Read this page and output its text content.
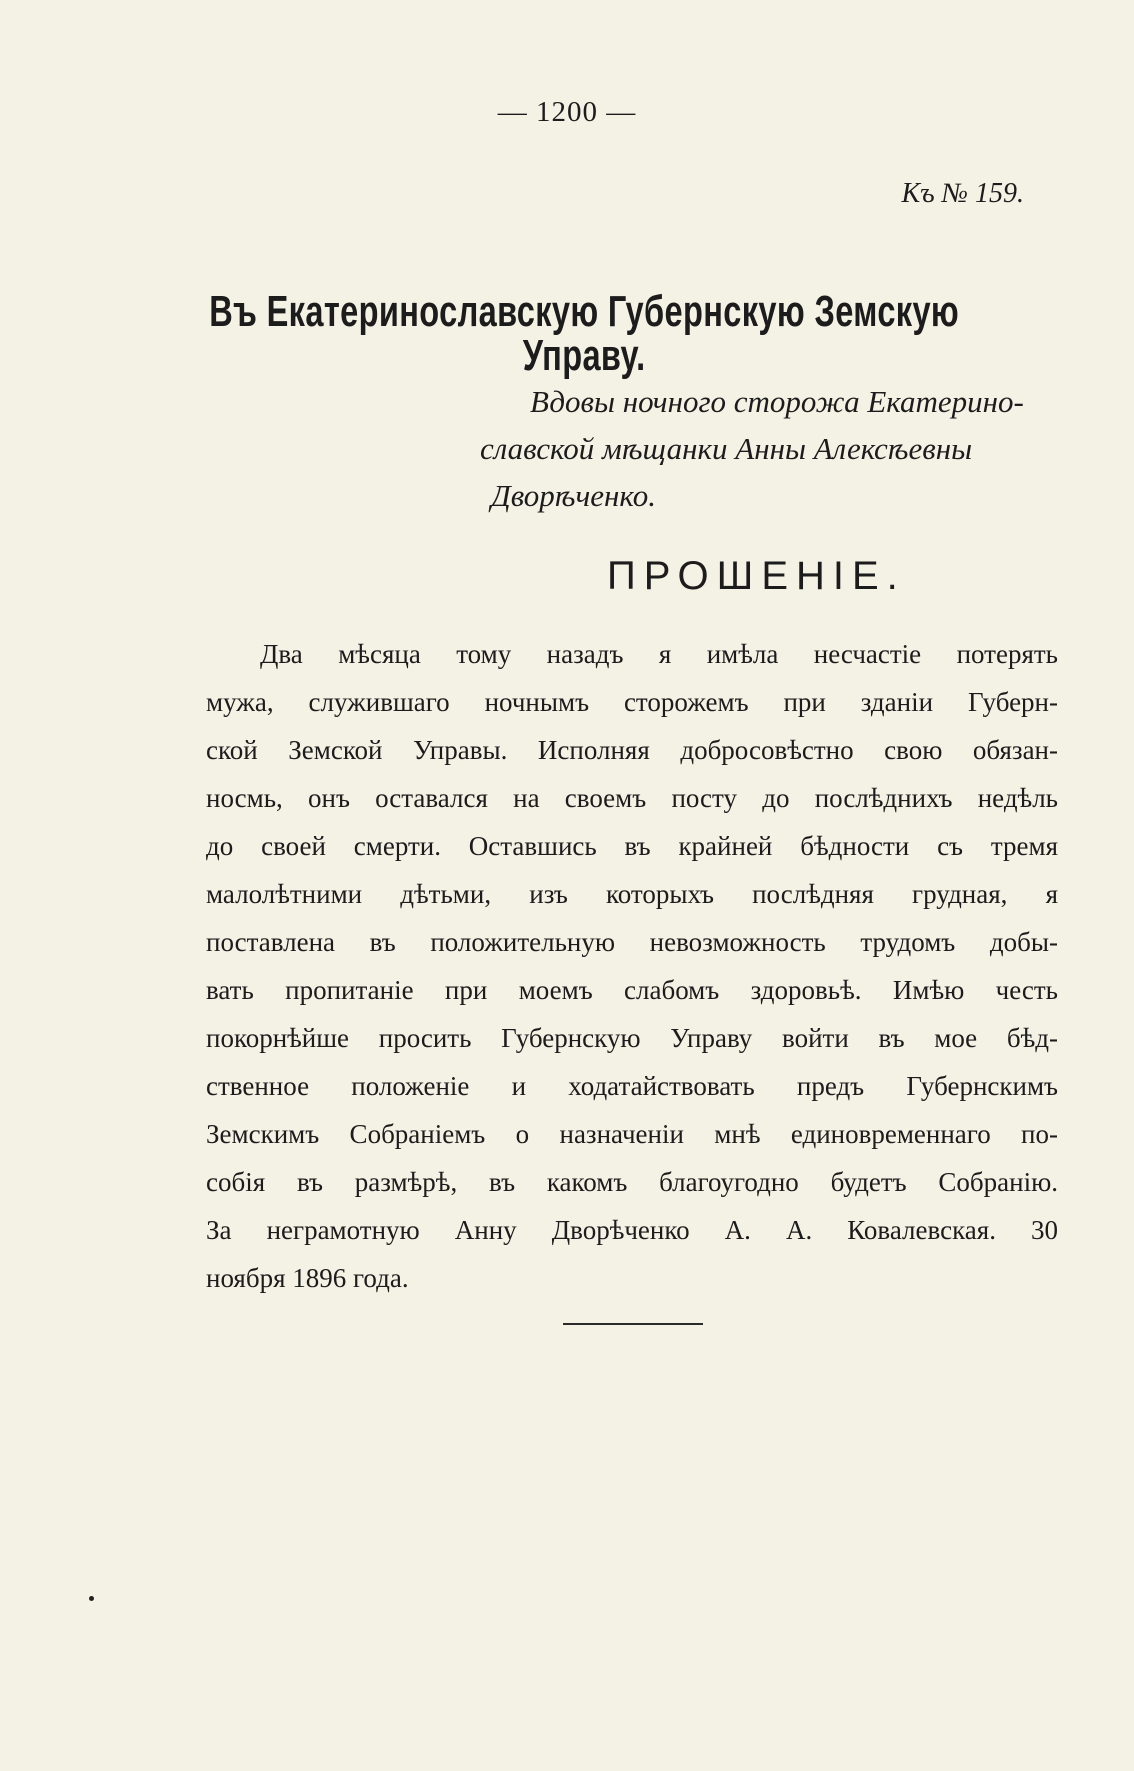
— 1200 —
Къ № 159.
Въ Екатеринославскую Губернскую Земскую Управу.
Вдовы ночного сторожа Екатерино-
славской мѣщанки Анны Алексѣевны
Дворѣченко.
ПРОШЕНІЕ.
Два мѣсяца тому назадъ я имѣла несчастіе потерять
мужа, служившаго ночнымъ сторожемъ при зданіи Губерн-
ской Земской Управы. Исполняя добросовѣстно свою обязан-
носмь, онъ оставался на своемъ посту до послѣднихъ недѣль
до своей смерти. Оставшись въ крайней бѣдности съ тремя
малолѣтними дѣтьми, изъ которыхъ послѣдняя грудная, я
поставлена въ положительную невозможность трудомъ добы-
вать пропитаніе при моемъ слабомъ здоровьѣ. Имѣю честь
покорнѣйше просить Губернскую Управу войти въ мое бѣд-
ственное положеніе и ходатайствовать предъ Губернскимъ
Земскимъ Собраніемъ о назначеніи мнѣ единовременнаго по-
собія въ размѣрѣ, въ какомъ благоугодно будетъ Собранію.
За неграмотную Анну Дворѣченко А. А. Ковалевская. 30
ноября 1896 года.
